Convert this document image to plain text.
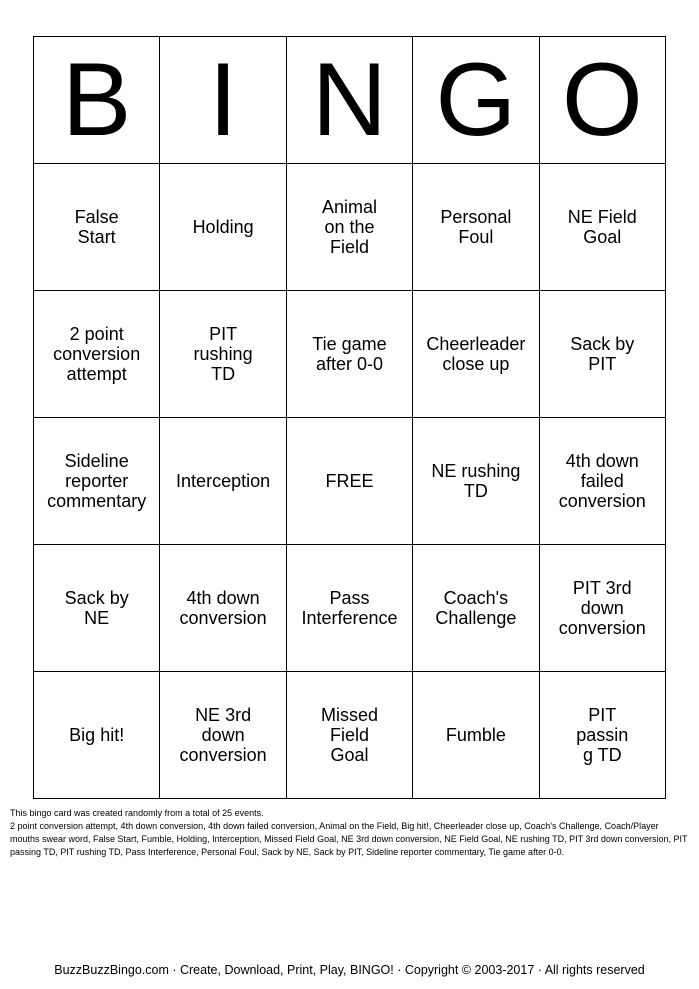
B	I	N	G	O
False Start	Holding	Animal on the Field	Personal Foul	NE Field Goal
2 point conversion attempt	PIT rushing TD	Tie game after 0-0	Cheerleader close up	Sack by PIT
Sideline reporter commentary	Interception	FREE	NE rushing TD	4th down failed conversion
Sack by NE	4th down conversion	Pass Interference	Coach's Challenge	PIT 3rd down conversion
Big hit!	NE 3rd down conversion	Missed Field Goal	Fumble	PIT passing TD

This bingo card was created randomly from a total of 25 events.

2 point conversion attempt, 4th down conversion, 4th down failed conversion, Animal on the Field, Big hit!, Cheerleader close up, Coach's Challenge, Coach/Player mouths swear word, False Start, Fumble, Holding, Interception, Missed Field Goal, NE 3rd down conversion, NE Field Goal, NE rushing TD, PIT 3rd down conversion, PIT passing TD, PIT rushing TD, Pass Interference, Personal Foul, Sack by NE, Sack by PIT, Sideline reporter commentary, Tie game after 0-0.

BuzzBuzzBingo.com · Create, Download, Print, Play, BINGO! · Copyright © 2003-2017 · All rights reserved
